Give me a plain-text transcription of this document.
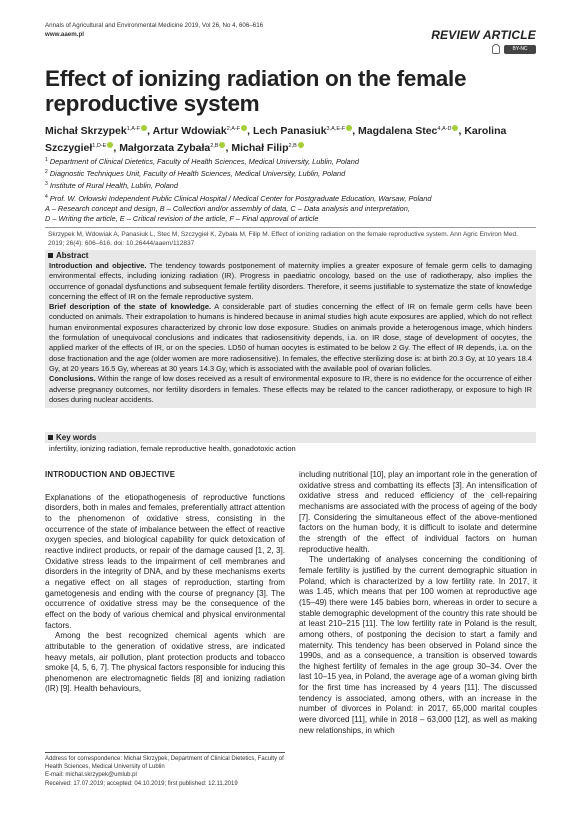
Annals of Agricultural and Environmental Medicine 2019, Vol 26, No 4, 606–616
www.aaem.pl	REVIEW ARTICLE
BY-NC
Effect of ionizing radiation on the female reproductive system
Michał Skrzypek$^{1,A-F}$ , Artur Wdowiak$^{2,A-F}$ , Lech Panasiuk$^{3,A,E-F}$ , Magdalena Stec$^{4,A-D}$ , Karolina Szczygieł$^{1,D-E}$ , Małgorzata Zybała$^{2,B}$ , Michał Filip$^{2,B}$
$^1$ Department of Clinical Dietetics, Faculty of Health Sciences, Medical University, Lublin, Poland
$^2$ Diagnostic Techniques Unit, Faculty of Health Sciences, Medical University, Lublin, Poland
$^3$ Institute of Rural Health, Lublin, Poland
$^4$ Prof. W. Orłowski Independent Public Clinical Hospital / Medical Center for Postgraduate Education, Warsaw, Poland
A – Research concept and design, B – Collection and/or assembly of data, C – Data analysis and interpretation,
D – Writing the article, E – Critical revision of the article, F – Final approval of article
Skrzypek M, Wdowiak A, Panasiuk L, Stec M, Szczygieł K, Zybała M, Filip M. Effect of ionizing radiation on the female reproductive system. Ann Agric Environ Med. 2019; 26(4): 606–616. doi: 10.26444/aaem/112837
Abstract
Introduction and objective. The tendency towards postponement of maternity implies a greater exposure of female germ cells to damaging environmental effects, including ionizing radiation (IR). Progress in paediatric oncology, based on the use of radiotherapy, also implies the occurrence of gonadal dysfunctions and subsequent female fertility disorders. Therefore, it seems justifiable to systematize the state of knowledge concerning the effect of IR on the female reproductive system.
Brief description of the state of knowledge. A considerable part of studies concerning the effect of IR on female germ cells have been conducted on animals. Their extrapolation to humans is hindered because in animal studies high acute exposures are applied, which do not reflect human environmental exposures characterized by chronic low dose exposure. Studies on animals provide a heterogenous image, which hinders the formulation of unequivocal conclusions and indicates that radiosensitivity depends, i.a. on IR dose, stage of development of oocytes, the applied marker of the effects of IR, or on the species. LD50 of human oocytes is estimated to be below 2 Gy. The effect of IR depends, i.a. on the dose fractionation and the age (older women are more radiosensitive). In females, the effective sterilizing dose is: at birth 20.3 Gy, at 10 years 18.4 Gy, at 20 years 16.5 Gy, whereas at 30 years 14.3 Gy, which is associated with the available pool of ovarian follicles.
Conclusions. Within the range of low doses received as a result of environmental exposure to IR, there is no evidence for the occurrence of either adverse pregnancy outcomes, nor fertility disorders in females. These effects may be related to the cancer radiotherapy, or exposure to high IR doses during nuclear accidents.
Key words
infertility, ionizing radiation, female reproductive health, gonadotoxic action
INTRODUCTION AND OBJECTIVE

Explanations of the etiopathogenesis of reproductive functions disorders, both in males and females, preferentially attract attention to the phenomenon of oxidative stress, consisting in the occurrence of the state of imbalance between the effect of reactive oxygen species, and biological capability for quick detoxication of reactive indirect products, or repair of the damage caused [1, 2, 3]. Oxidative stress leads to the impairment of cell membranes and disorders in the integrity of DNA, and by these mechanisms exerts a negative effect on all stages of reproduction, starting from gametogenesis and ending with the course of pregnancy [3]. The occurrence of oxidative stress may be the consequence of the effect on the body of various chemical and physical environmental factors.

Among the best recognized chemical agents which are attributable to the generation of oxidative stress, are indicated heavy metals, air pollution, plant protection products and tobacco smoke [4, 5, 6, 7]. The physical factors responsible for inducing this phenomenon are electromagnetic fields [8] and ionizing radiation (IR) [9]. Health behaviours,

including nutritional [10], play an important role in the generation of oxidative stress and combatting its effects [3]. An intensification of oxidative stress and reduced efficiency of the cell-repairing mechanisms are associated with the process of ageing of the body [7]. Considering the simultaneous effect of the above-mentioned factors on the human body, it is difficult to isolate and determine the strength of the effect of individual factors on human reproductive health.

The undertaking of analyses concerning the conditioning of female fertility is justified by the current demographic situation in Poland, which is characterized by a low fertility rate. In 2017, it was 1.45, which means that per 100 women at reproductive age (15–49) there were 145 babies born, whereas in order to secure a stable demographic development of the country this rate should be at least 210–215 [11]. The low fertility rate in Poland is the result, among others, of postponing the decision to start a family and maternity. This tendency has been observed in Poland since the 1990s, and as a consequence, a transition is observed towards the highest fertility of females in the age group 30–34. Over the last 10–15 yea, in Poland, the average age of a woman giving birth for the first time has increased by 4 years [11]. The discussed tendency is associated, among others, with an increase in the number of divorces in Poland: in 2017, 65,000 marital couples were divorced [11], while in 2018 – 63,000 [12], as well as making new relationships, in which

Address for correspondence: Michał Skrzypek, Department of Clinical Dietetics, Faculty of Health Sciences, Medical University of Lublin
E-mail: michal.skrzypek@umlub.pl
Received: 17.07.2019; accepted: 04.10.2019; first published: 12.11.2019
